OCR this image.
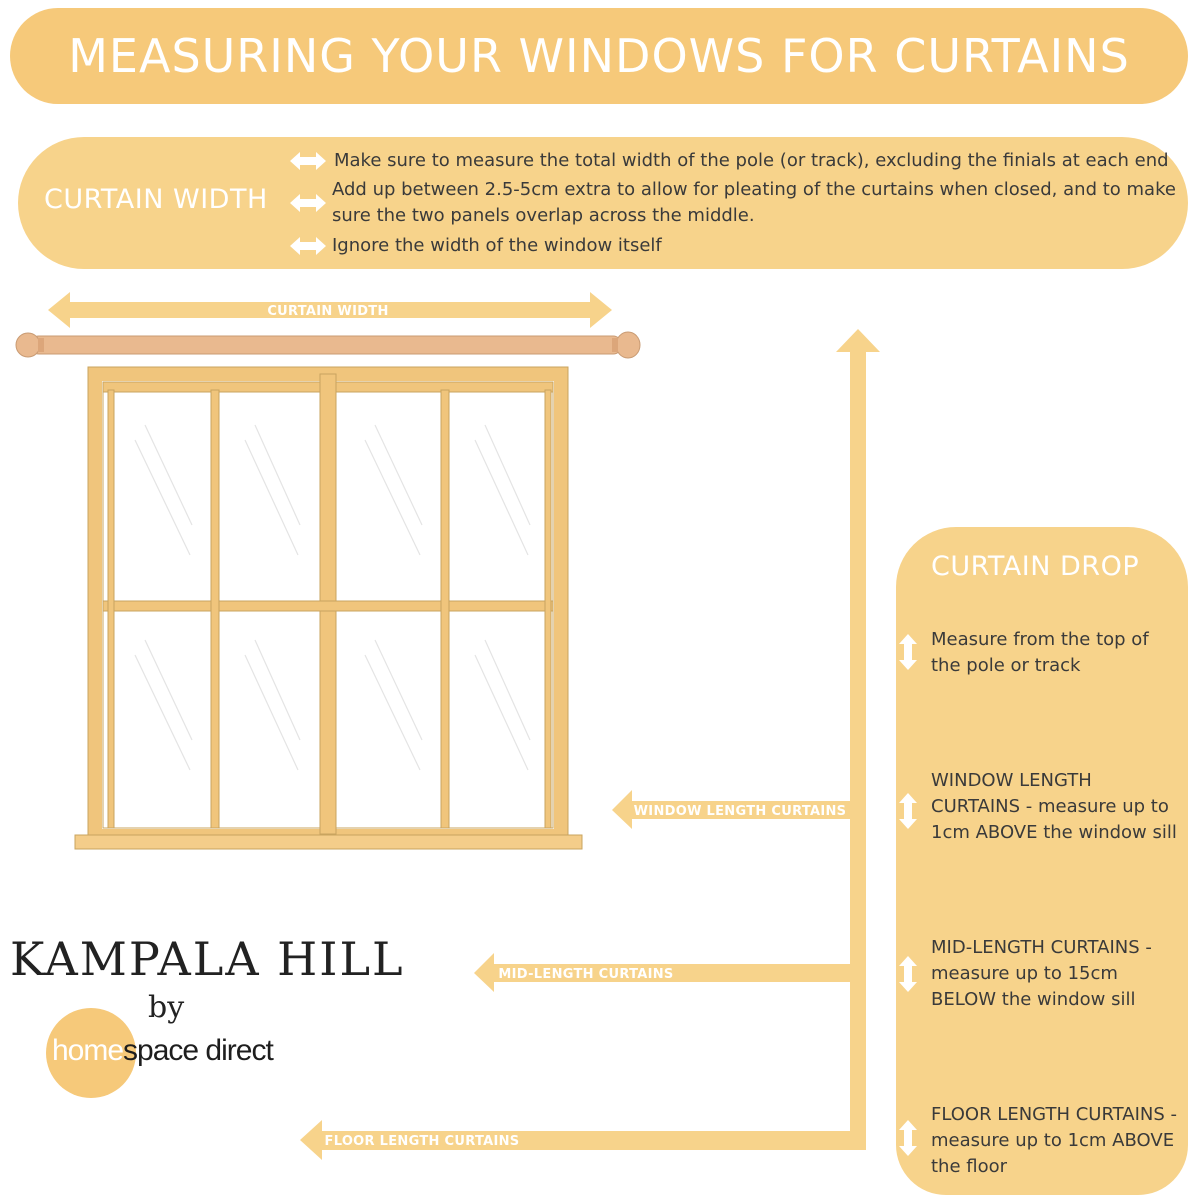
MEASURING YOUR WINDOWS FOR CURTAINS
CURTAIN WIDTH
Make sure to measure the total width of the pole (or track), excluding the finials at each end
Add up between 2.5-5cm extra to allow for pleating of the curtains when closed, and to make
sure the two panels overlap across the middle.
Ignore the width of the window itself
CURTAIN WIDTH
WINDOW LENGTH CURTAINS
MID-LENGTH CURTAINS
FLOOR LENGTH CURTAINS
CURTAIN DROP
Measure from the top of
the pole or track
WINDOW LENGTH
CURTAINS - measure up to
1cm ABOVE the window sill
MID-LENGTH CURTAINS -
measure up to 15cm
BELOW the window sill
FLOOR LENGTH CURTAINS -
measure up to 1cm ABOVE
the floor
KAMPALA HILL
by
homespace direct
